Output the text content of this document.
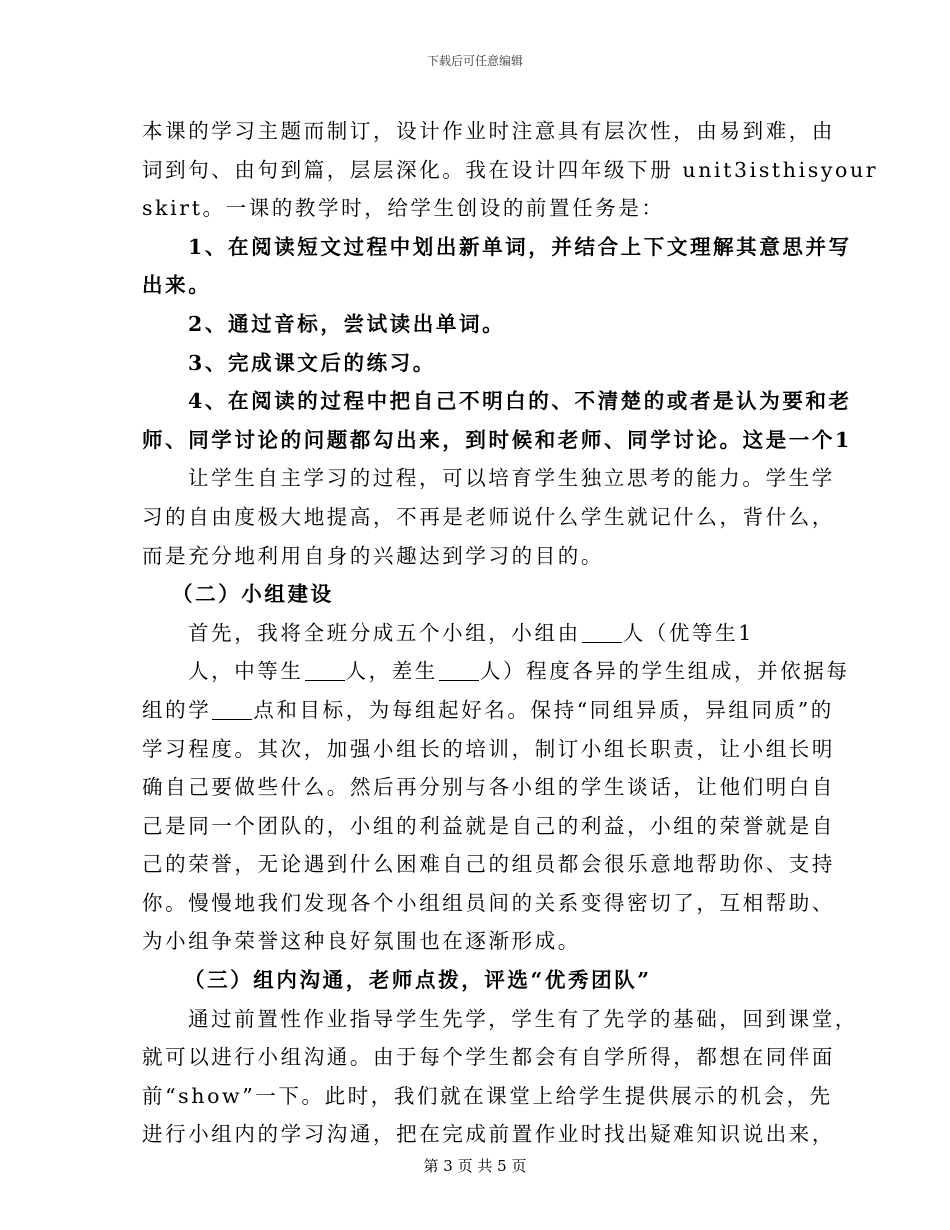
下载后可任意编辑
本课的学习主题而制订，设计作业时注意具有层次性，由易到难，由
词到句、由句到篇，层层深化。我在设计四年级下册 unit3isthisyour
skirt。一课的教学时，给学生创设的前置任务是：
1、在阅读短文过程中划出新单词，并结合上下文理解其意思并写
出来。
2、通过音标，尝试读出单词。
3、完成课文后的练习。
4、在阅读的过程中把自己不明白的、不清楚的或者是认为要和老
师、同学讨论的问题都勾出来，到时候和老师、同学讨论。这是一个1
让学生自主学习的过程，可以培育学生独立思考的能力。学生学
习的自由度极大地提高，不再是老师说什么学生就记什么，背什么，
而是充分地利用自身的兴趣达到学习的目的。
（二）小组建设
首先，我将全班分成五个小组，小组由 人（优等生1
人，中等生 人，差生 人）程度各异的学生组成，并依据每
组的学 点和目标，为每组起好名。保持“同组异质，异组同质”的
学习程度。其次，加强小组长的培训，制订小组长职责，让小组长明
确自己要做些什么。然后再分别与各小组的学生谈话，让他们明白自
己是同一个团队的，小组的利益就是自己的利益，小组的荣誉就是自
己的荣誉，无论遇到什么困难自己的组员都会很乐意地帮助你、支持
你。慢慢地我们发现各个小组组员间的关系变得密切了，互相帮助、
为小组争荣誉这种良好氛围也在逐渐形成。
（三）组内沟通，老师点拨，评选“优秀团队”
通过前置性作业指导学生先学，学生有了先学的基础，回到课堂，
就可以进行小组沟通。由于每个学生都会有自学所得，都想在同伴面
前“show”一下。此时，我们就在课堂上给学生提供展示的机会，先
进行小组内的学习沟通，把在完成前置作业时找出疑难知识说出来，
第 3 页 共 5 页
